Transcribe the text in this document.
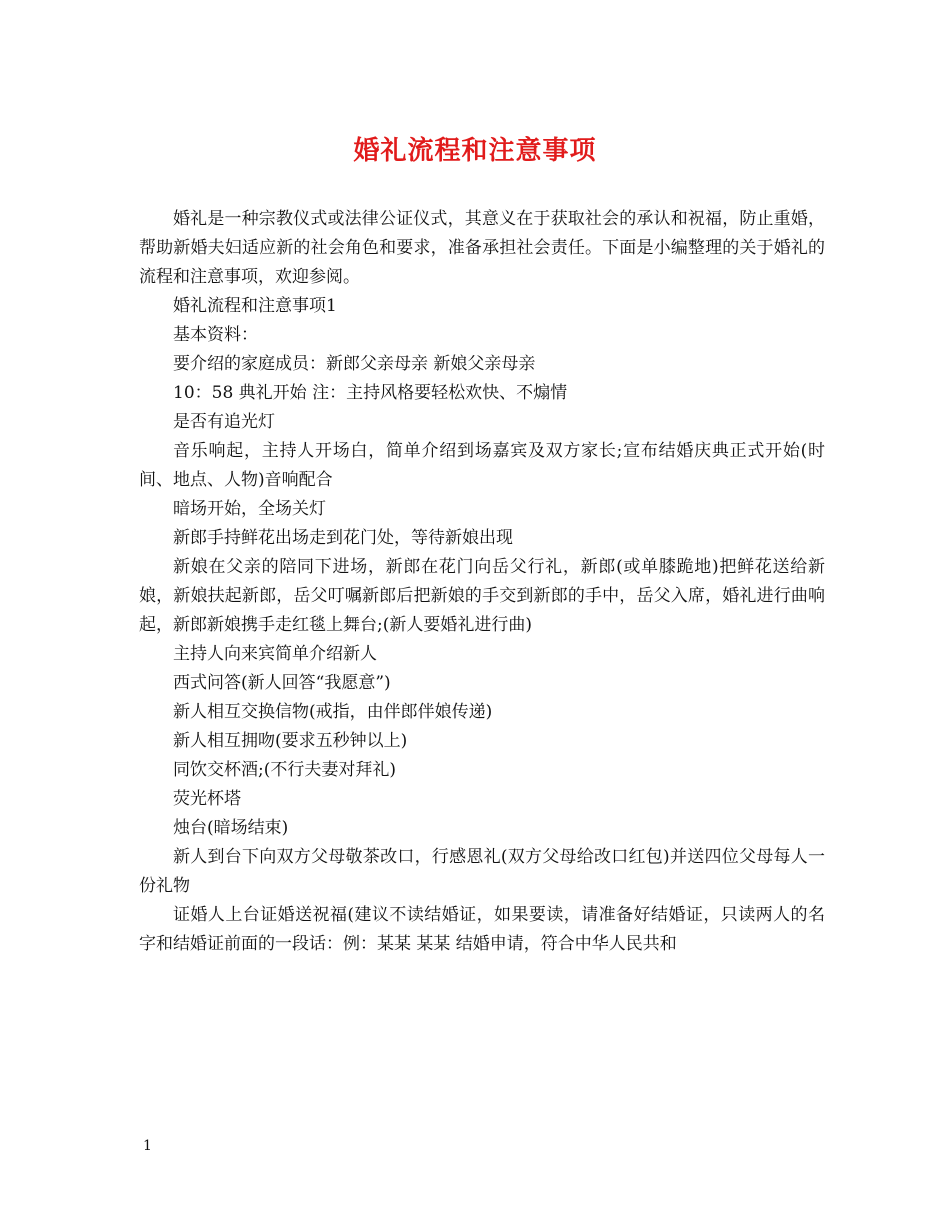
婚礼流程和注意事项

婚礼是一种宗教仪式或法律公证仪式，其意义在于获取社会的承认和祝福，防止重婚，帮助新婚夫妇适应新的社会角色和要求，准备承担社会责任。下面是小编整理的关于婚礼的流程和注意事项，欢迎参阅。

婚礼流程和注意事项1

基本资料：

要介绍的家庭成员：新郎父亲母亲 新娘父亲母亲

10：58 典礼开始 注：主持风格要轻松欢快、不煽情

是否有追光灯

音乐响起，主持人开场白，简单介绍到场嘉宾及双方家长;宣布结婚庆典正式开始(时间、地点、人物)音响配合

暗场开始，全场关灯

新郎手持鲜花出场走到花门处，等待新娘出现

新娘在父亲的陪同下进场，新郎在花门向岳父行礼，新郎(或单膝跪地)把鲜花送给新娘，新娘扶起新郎，岳父叮嘱新郎后把新娘的手交到新郎的手中，岳父入席，婚礼进行曲响起，新郎新娘携手走红毯上舞台;(新人要婚礼进行曲)

主持人向来宾简单介绍新人

西式问答(新人回答“我愿意”)

新人相互交换信物(戒指，由伴郎伴娘传递)

新人相互拥吻(要求五秒钟以上)

同饮交杯酒;(不行夫妻对拜礼)

荧光杯塔

烛台(暗场结束)

新人到台下向双方父母敬茶改口，行感恩礼(双方父母给改口红包)并送四位父母每人一份礼物

证婚人上台证婚送祝福(建议不读结婚证，如果要读，请准备好结婚证，只读两人的名字和结婚证前面的一段话：例：某某 某某 结婚申请，符合中华人民共和

1
